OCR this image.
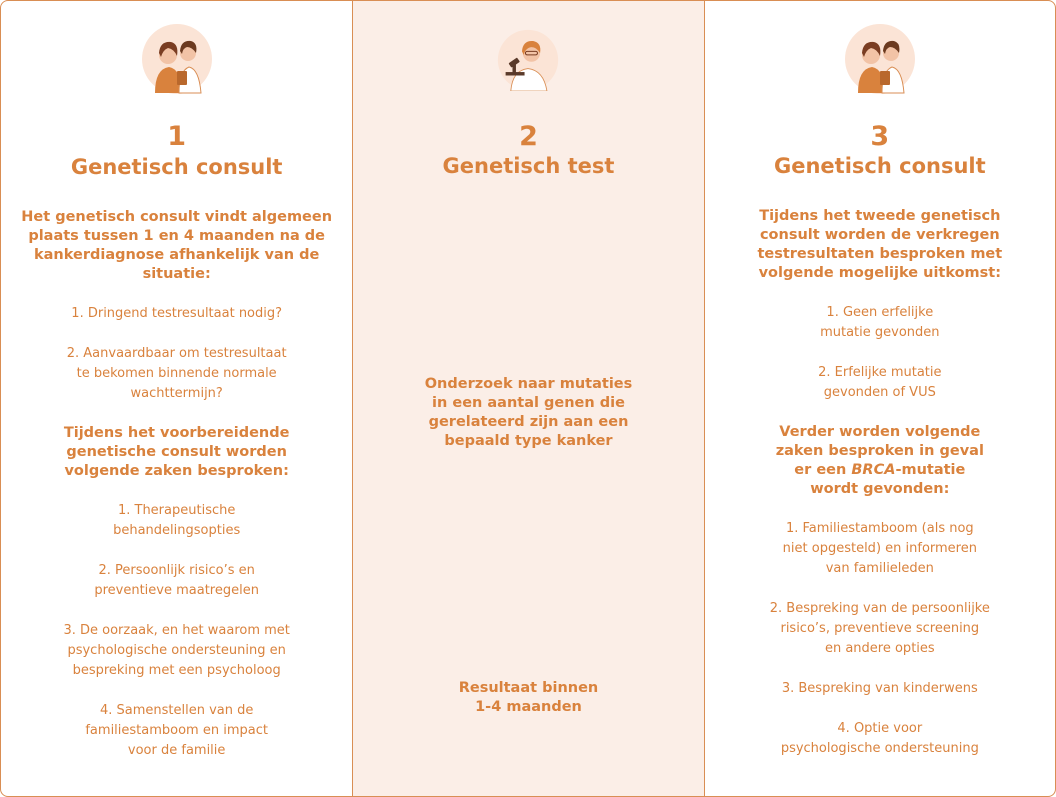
1
Genetisch consult
Het genetisch consult vindt algemeen
plaats tussen 1 en 4 maanden na de
kankerdiagnose afhankelijk van de
situatie:
1. Dringend testresultaat nodig?
2. Aanvaardbaar om testresultaat
te bekomen binnende normale
wachttermijn?
Tijdens het voorbereidende
genetische consult worden
volgende zaken besproken:
1. Therapeutische
behandelingsopties
2. Persoonlijk risico’s en
preventieve maatregelen
3. De oorzaak, en het waarom met
psychologische ondersteuning en
bespreking met een psycholoog
4. Samenstellen van de
familiestamboom en impact
voor de familie
2
Genetisch test
Onderzoek naar mutaties
in een aantal genen die
gerelateerd zijn aan een
bepaald type kanker
Resultaat binnen
1-4 maanden
3
Genetisch consult
Tijdens het tweede genetisch
consult worden de verkregen
testresultaten besproken met
volgende mogelijke uitkomst:
1. Geen erfelijke
mutatie gevonden
2. Erfelijke mutatie
gevonden of VUS
Verder worden volgende
zaken besproken in geval
er een BRCA-mutatie
wordt gevonden:
1. Familiestamboom (als nog
niet opgesteld) en informeren
van familieleden
2. Bespreking van de persoonlijke
risico’s, preventieve screening
en andere opties
3. Bespreking van kinderwens
4. Optie voor
psychologische ondersteuning
